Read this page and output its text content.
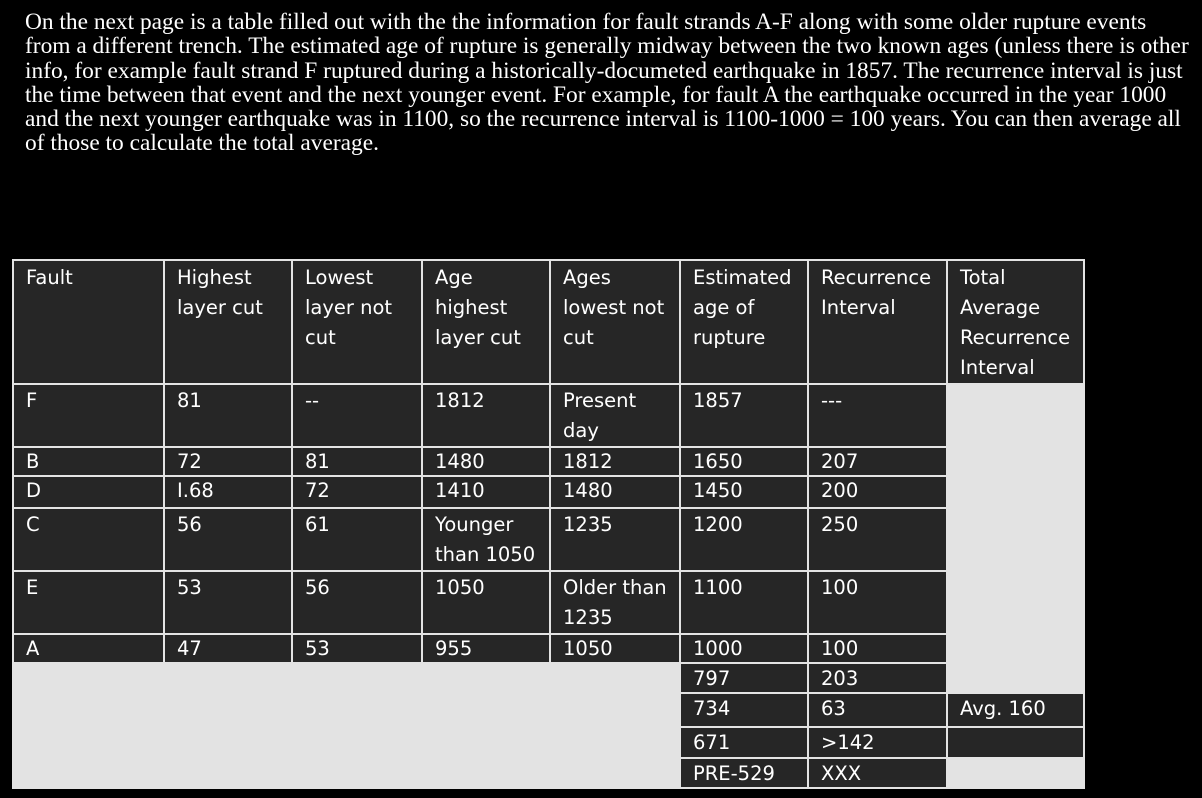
On the next page is a table filled out with the the information for fault strands A-F along with some older rupture events from a different trench. The estimated age of rupture is generally midway between the two known ages (unless there is other info, for example fault strand F ruptured during a historically-documeted earthquake in 1857. The recurrence interval is just the time between that event and the next younger event. For example, for fault A the earthquake occurred in the year 1000 and the next younger earthquake was in 1100, so the recurrence interval is 1100-1000 = 100 years. You can then average all of those to calculate the total average.

Fault	Highest layer cut	Lowest layer not cut	Age highest layer cut	Ages lowest not cut	Estimated age of rupture	Recurrence Interval	Total Average Recurrence Interval
F	81	--	1812	Present day	1857	---	
B	72	81	1480	1812	1650	207	
D	I.68	72	1410	1480	1450	200	
C	56	61	Younger than 1050	1235	1200	250	
E	53	56	1050	Older than 1235	1100	100	
A	47	53	955	1050	1000	100	
					797	203	
					734	63	Avg. 160
					671	>142	
					PRE-529	XXX	
